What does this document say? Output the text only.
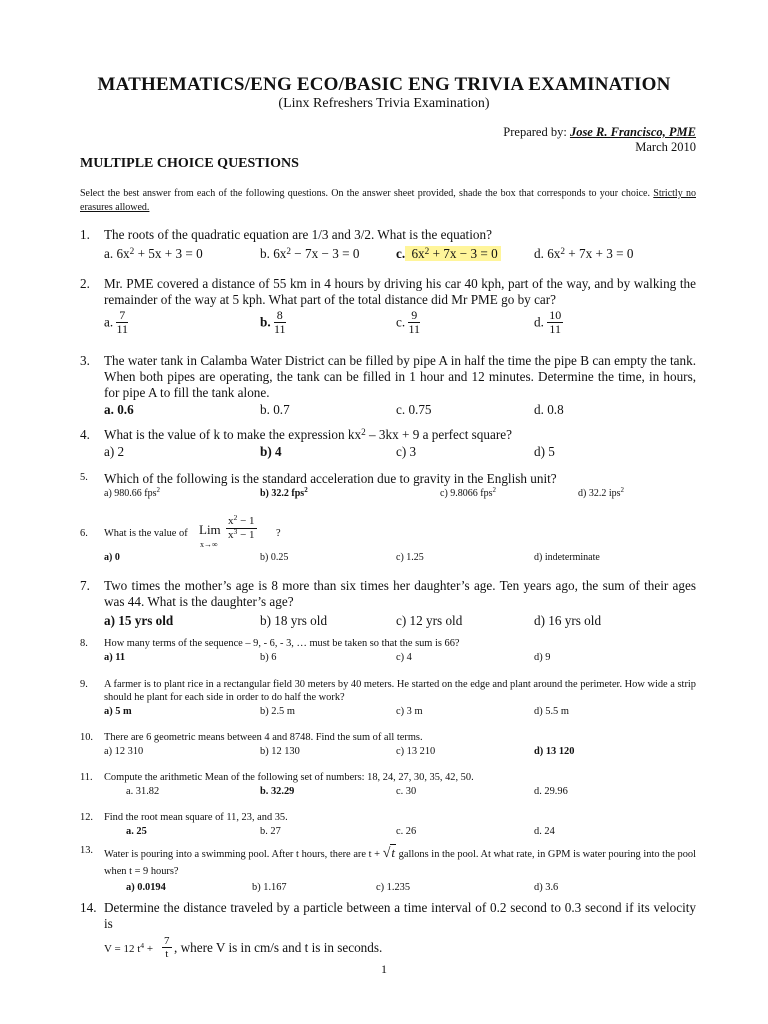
MATHEMATICS/ENG ECO/BASIC ENG TRIVIA EXAMINATION
(Linx Refreshers Trivia Examination)
Prepared by: Jose R. Francisco, PME
March 2010
MULTIPLE CHOICE QUESTIONS
Select the best answer from each of the following questions. On the answer sheet provided, shade the box that corresponds to your choice. Strictly no erasures allowed.
1. The roots of the quadratic equation are 1/3 and 3/2. What is the equation?
a. $6x^2 + 5x + 3 = 0$	b. $6x^2 - 7x - 3 = 0$	c. $6x^2 + 7x - 3 = 0$	d. $6x^2 + 7x + 3 = 0$
2. Mr. PME covered a distance of 55 km in 4 hours by driving his car 40 kph, part of the way, and by walking the remainder of the way at 5 kph. What part of the total distance did Mr PME go by car?
a. $\frac{7}{11}$	b. $\frac{8}{11}$	c. $\frac{9}{11}$	d. $\frac{10}{11}$
3. The water tank in Calamba Water District can be filled by pipe A in half the time the pipe B can empty the tank. When both pipes are operating, the tank can be filled in 1 hour and 12 minutes. Determine the time, in hours, for pipe A to fill the tank alone.
a. 0.6	b. 0.7	c. 0.75	d. 0.8
4. What is the value of k to make the expression $kx^2 - 3kx + 9$ a perfect square?
a) 2	b) 4	c) 3	d) 5
5. Which of the following is the standard acceleration due to gravity in the English unit?
a) 980.66 fps$^2$	b) 32.2 fps$^2$	c) 9.8066 fps$^2$	d) 32.2 ips$^2$
6. What is the value of Lim
x→∞
$\frac{x^2 - 1}{x^3 - 1}$ ?
a) 0	b) 0.25	c) 1.25	d) indeterminate
7. Two times the mother’s age is 8 more than six times her daughter’s age. Ten years ago, the sum of their ages was 44. What is the daughter’s age?
a) 15 yrs old	b) 18 yrs old	c) 12 yrs old	d) 16 yrs old
8. How many terms of the sequence – 9, - 6, - 3, … must be taken so that the sum is 66?
a) 11	b) 6	c) 4	d) 9
9. A farmer is to plant rice in a rectangular field 30 meters by 40 meters. He started on the edge and plant around the perimeter. How wide a strip should he plant for each side in order to do half the work?
a) 5 m	b) 2.5 m	c) 3 m	d) 5.5 m
10. There are 6 geometric means between 4 and 8748. Find the sum of all terms.
a) 12 310	b) 12 130	c) 13 210	d) 13 120
11. Compute the arithmetic Mean of the following set of numbers: 18, 24, 27, 30, 35, 42, 50.
a. 31.82	b. 32.29	c. 30	d. 29.96
12. Find the root mean square of 11, 23, and 35.
a. 25	b. 27	c. 26	d. 24
13. Water is pouring into a swimming pool. After t hours, there are t + √t gallons in the pool. At what rate, in GPM is water pouring into the pool when t = 9 hours?
a) 0.0194	b) 1.167	c) 1.235	d) 3.6
14. Determine the distance traveled by a particle between a time interval of 0.2 second to 0.3 second if its velocity is
V = 12 $t^4 + \frac{7}{t}$ , where V is in cm/s and t is in seconds.
1
